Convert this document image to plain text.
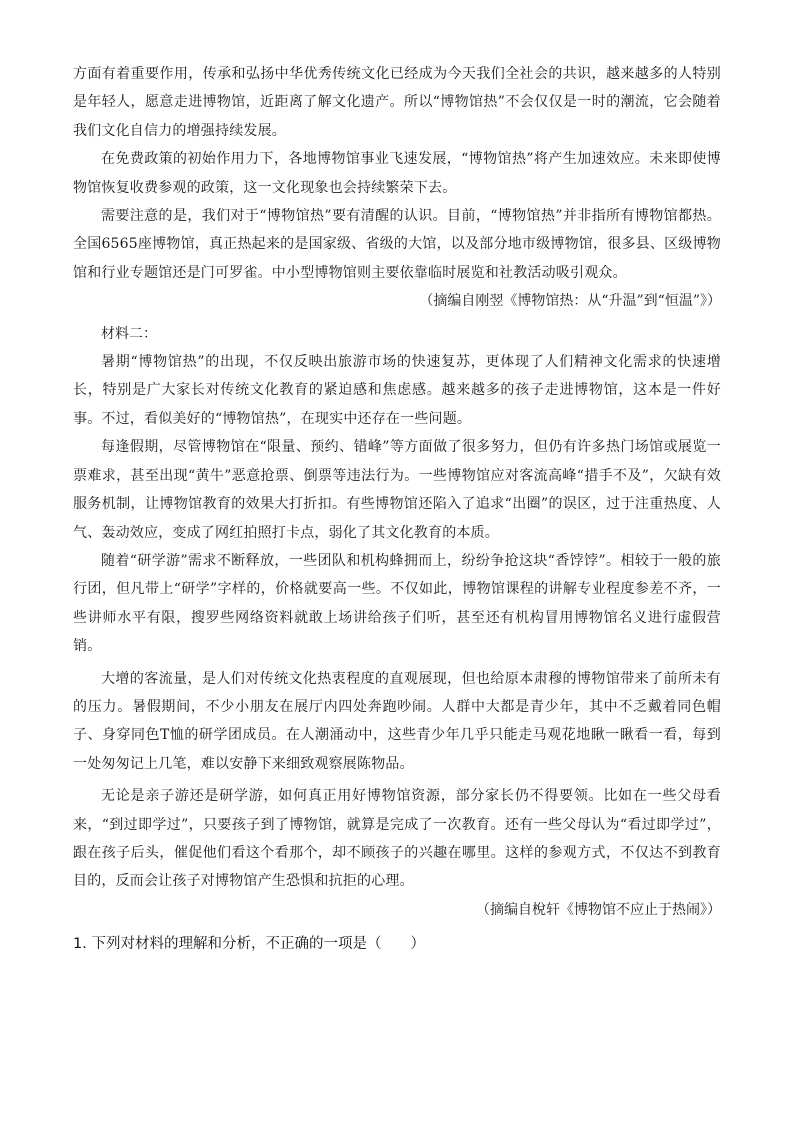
方面有着重要作用，传承和弘扬中华优秀传统文化已经成为今天我们全社会的共识，越来越多的人特别是年轻人，愿意走进博物馆，近距离了解文化遗产。所以“博物馆热”不会仅仅是一时的潮流，它会随着我们文化自信力的增强持续发展。

在免费政策的初始作用力下，各地博物馆事业飞速发展，“博物馆热”将产生加速效应。未来即使博物馆恢复收费参观的政策，这一文化现象也会持续繁荣下去。

需要注意的是，我们对于“博物馆热”要有清醒的认识。目前，“博物馆热”并非指所有博物馆都热。全国6565座博物馆，真正热起来的是国家级、省级的大馆，以及部分地市级博物馆，很多县、区级博物馆和行业专题馆还是门可罗雀。中小型博物馆则主要依靠临时展览和社教活动吸引观众。

（摘编自刚翌《博物馆热：从“升温”到“恒温”》）

材料二：

暑期“博物馆热”的出现，不仅反映出旅游市场的快速复苏，更体现了人们精神文化需求的快速增长，特别是广大家长对传统文化教育的紧迫感和焦虑感。越来越多的孩子走进博物馆，这本是一件好事。不过，看似美好的“博物馆热”，在现实中还存在一些问题。

每逢假期，尽管博物馆在“限量、预约、错峰”等方面做了很多努力，但仍有许多热门场馆或展览一票难求，甚至出现“黄牛”恶意抢票、倒票等违法行为。一些博物馆应对客流高峰“措手不及”，欠缺有效服务机制，让博物馆教育的效果大打折扣。有些博物馆还陷入了追求“出圈”的误区，过于注重热度、人气、轰动效应，变成了网红拍照打卡点，弱化了其文化教育的本质。

随着“研学游”需求不断释放，一些团队和机构蜂拥而上，纷纷争抢这块“香饽饽”。相较于一般的旅行团，但凡带上“研学”字样的，价格就要高一些。不仅如此，博物馆课程的讲解专业程度参差不齐，一些讲师水平有限，搜罗些网络资料就敢上场讲给孩子们听，甚至还有机构冒用博物馆名义进行虚假营销。

大增的客流量，是人们对传统文化热衷程度的直观展现，但也给原本肃穆的博物馆带来了前所未有的压力。暑假期间，不少小朋友在展厅内四处奔跑吵闹。人群中大都是青少年，其中不乏戴着同色帽子、身穿同色T恤的研学团成员。在人潮涌动中，这些青少年几乎只能走马观花地瞅一瞅看一看，每到一处匆匆记上几笔，难以安静下来细致观察展陈物品。

无论是亲子游还是研学游，如何真正用好博物馆资源，部分家长仍不得要领。比如在一些父母看来，“到过即学过”，只要孩子到了博物馆，就算是完成了一次教育。还有一些父母认为“看过即学过”，跟在孩子后头，催促他们看这个看那个，却不顾孩子的兴趣在哪里。这样的参观方式，不仅达不到教育目的，反而会让孩子对博物馆产生恐惧和抗拒的心理。

（摘编自梲轩《博物馆不应止于热闹》）

1. 下列对材料的理解和分析，不正确的一项是（　　）
